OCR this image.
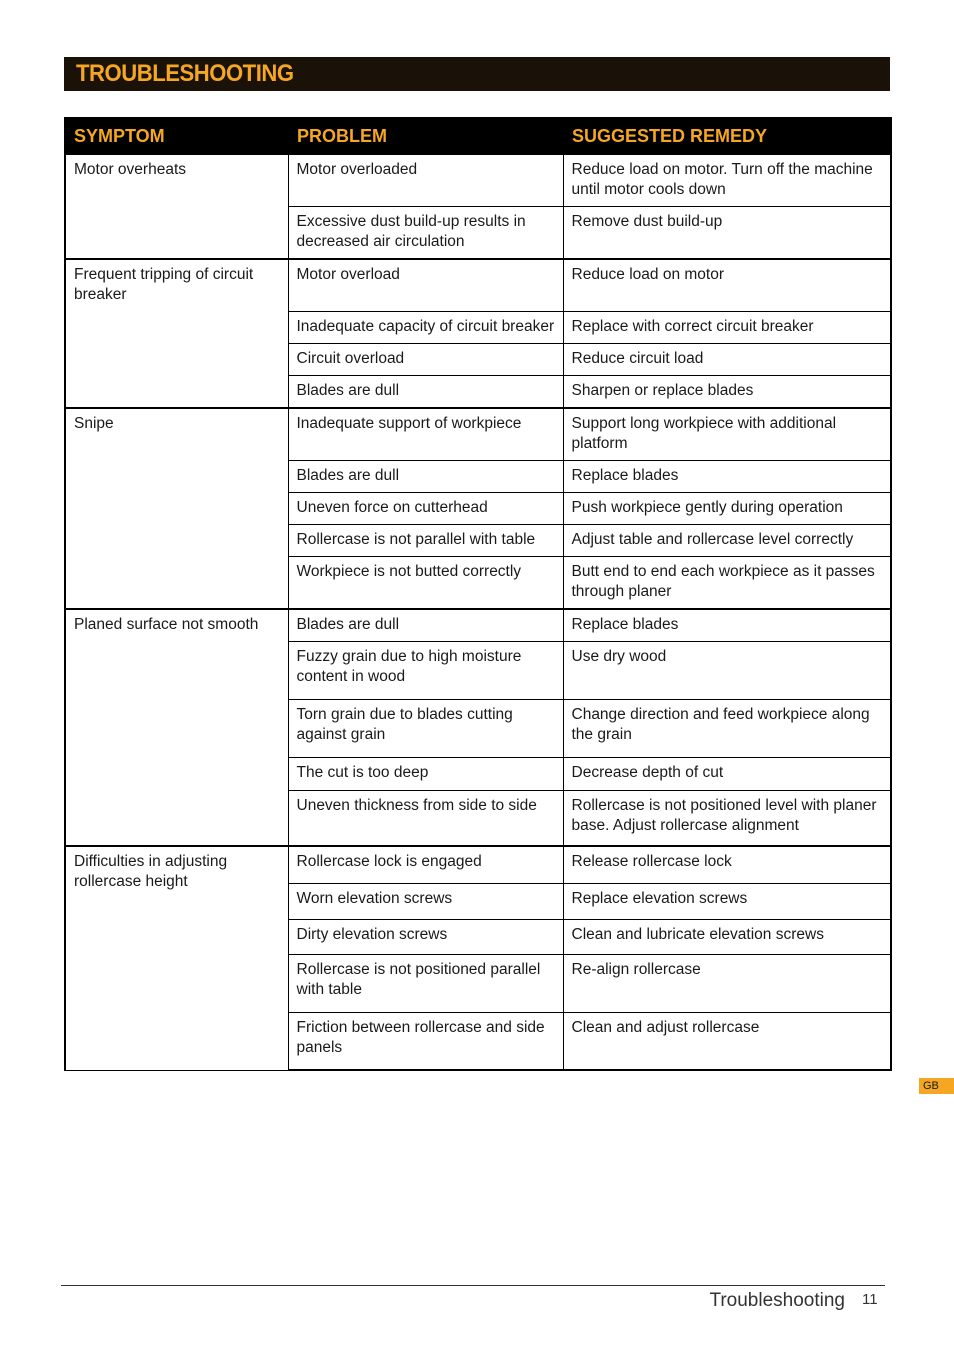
TROUBLESHOOTING
SYMPTOM	PROBLEM	SUGGESTED REMEDY
Motor overheats	Motor overloaded	Reduce load on motor. Turn off the machine until motor cools down
	Excessive dust build-up results in decreased air circulation	Remove dust build-up
Frequent tripping of circuit breaker	Motor overload	Reduce load on motor
	Inadequate capacity of circuit breaker	Replace with correct circuit breaker
	Circuit overload	Reduce circuit load
	Blades are dull	Sharpen or replace blades
Snipe	Inadequate support of workpiece	Support long workpiece with additional platform
	Blades are dull	Replace blades
	Uneven force on cutterhead	Push workpiece gently during operation
	Rollercase is not parallel with table	Adjust table and rollercase level correctly
	Workpiece is not butted correctly	Butt end to end each workpiece as it passes through planer
Planed surface not smooth	Blades are dull	Replace blades
	Fuzzy grain due to high moisture content in wood	Use dry wood
	Torn grain due to blades cutting against grain	Change direction and feed workpiece along the grain
	The cut is too deep	Decrease depth of cut
	Uneven thickness from side to side	Rollercase is not positioned level with planer base. Adjust rollercase alignment
Difficulties in adjusting rollercase height	Rollercase lock is engaged	Release rollercase lock
	Worn elevation screws	Replace elevation screws
	Dirty elevation screws	Clean and lubricate elevation screws
	Rollercase is not positioned parallel with table	Re-align rollercase
	Friction between rollercase and side panels	Clean and adjust rollercase
GB
Troubleshooting 11
